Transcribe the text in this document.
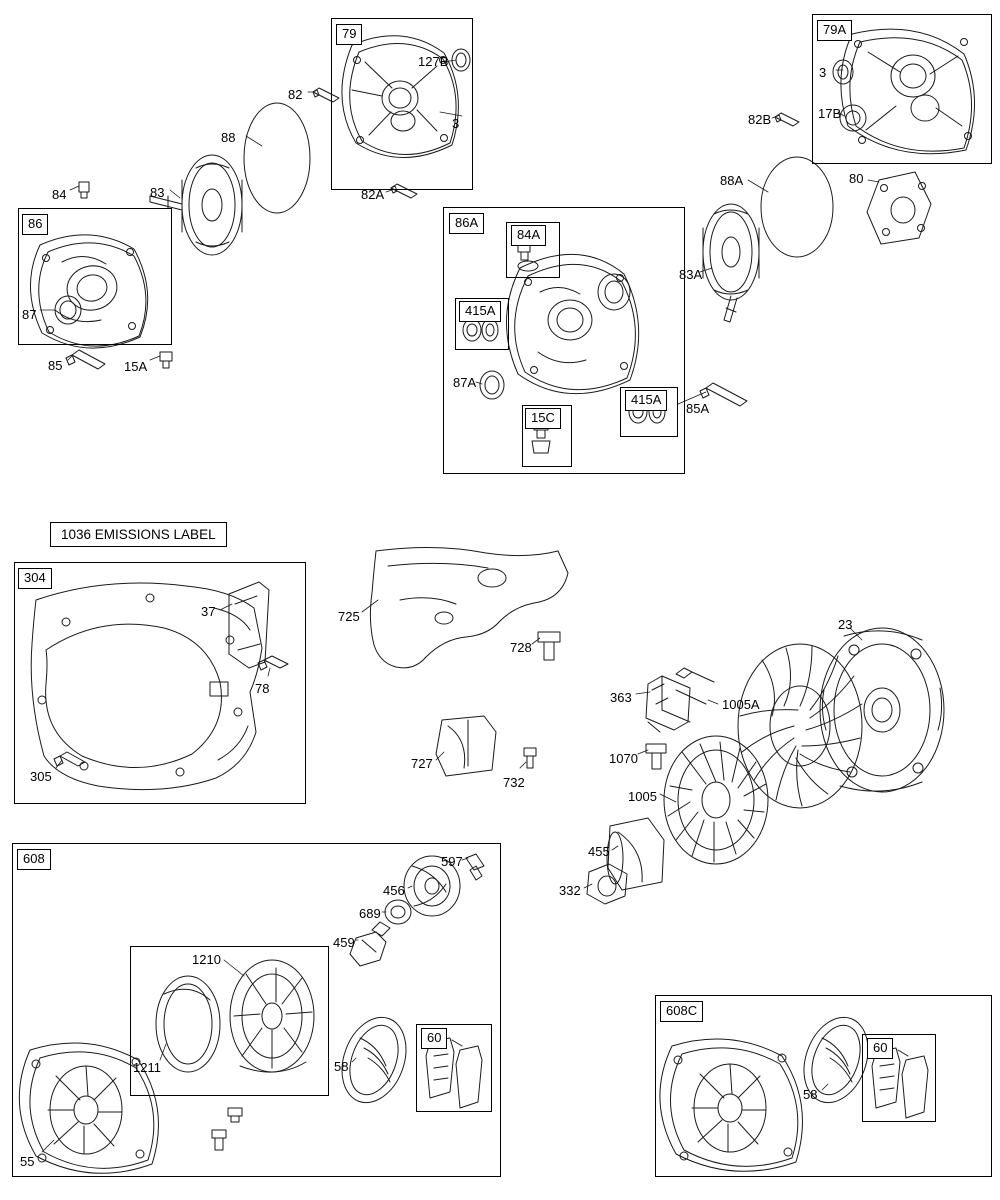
79
127B
3
82
88
82A
84	83
86
87
85	15A
86A
84A
415A
87A
15C
415A
85A
79A
3
82B	17B
88A	80
83A
1036 EMISSIONS LABEL
304
37
78
305
725
728
727
732
363	1005A
1070
1005
23
455
332
608	597
456
689
459
1210
1211	58
60
55
608C
58
60
